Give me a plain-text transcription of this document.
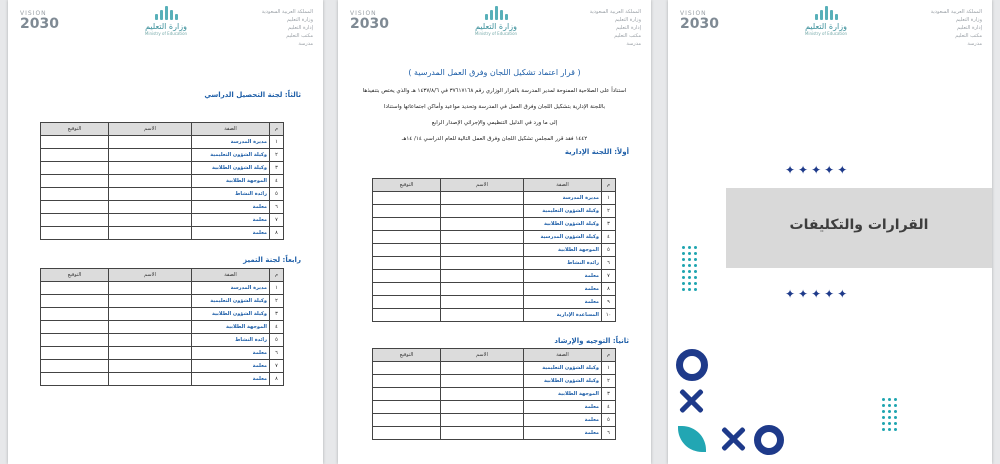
VISION
2030	وزارة التعليم
Ministry of Education
المملكة العربية السعودية
وزارة التعليم
إدارة التعليم
مكتب التعليم
مدرسة
ثالثاً: لجنة التحصيل الدراسي
م	الصفة	الاسم	التوقيع
١	مديرة المدرسة		
٢	وكيلة الشؤون التعليمية		
٣	وكيلة الشؤون الطلابية		
٤	الموجهة الطلابية		
٥	رائدة النشاط		
٦	معلمة		
٧	معلمة		
٨	معلمة		
رابعاً: لجنة التميز
م	الصفة	الاسم	التوقيع
١	مديرة المدرسة		
٢	وكيلة الشؤون التعليمية		
٣	وكيلة الشؤون الطلابية		
٤	الموجهة الطلابية		
٥	رائدة النشاط		
٦	معلمة		
٧	معلمة		
٨	معلمة		
VISION
2030	وزارة التعليم
Ministry of Education
المملكة العربية السعودية
وزارة التعليم
إدارة التعليم
مكتب التعليم
مدرسة
( قرار اعتماد تشكيل اللجان وفرق العمل المدرسية )

استناداً على الصلاحية الممنوحة لمدير المدرسة بالقرار الوزاري رقم ٣٧٦١٧١٦٨ في ١٤٣٧/٨/٦ هـ والذي يختص بتنفيذها

باللجنة الإدارية بتشكيل اللجان وفرق العمل في المدرسة وتحديد مواعيد وأماكن اجتماعاتها واستنادا

إلى ما ورد في الدليل التنظيمي والإجرائي الإصدار الرابع

١٤٤٢ فقد قرر المجلس تشكيل اللجان وفرق العمل التالية للعام الدراسي ١٤/ ١٤هـ

أولاً: اللجنة الإدارية
م	الصفة	الاسم	التوقيع
١	مديرة المدرسة		
٢	وكيلة الشؤون التعليمية		
٣	وكيلة الشؤون الطلابية		
٤	وكيلة الشؤون المدرسية		
٥	الموجهة الطلابية		
٦	رائدة النشاط		
٧	معلمة		
٨	معلمة		
٩	معلمة		
١٠	المساعدة الإدارية		
ثانياً: التوجيه والإرشاد
م	الصفة	الاسم	التوقيع
١	وكيلة الشؤون التعليمية		
٢	وكيلة الشؤون الطلابية		
٣	الموجهة الطلابية		
٤	معلمة		
٥	معلمة		
٦	معلمة		
VISION
2030	وزارة التعليم
Ministry of Education
المملكة العربية السعودية
وزارة التعليم
إدارة التعليم
مكتب التعليم
مدرسة
✦✦✦✦✦
القرارات والتكليفات
✦✦✦✦✦
